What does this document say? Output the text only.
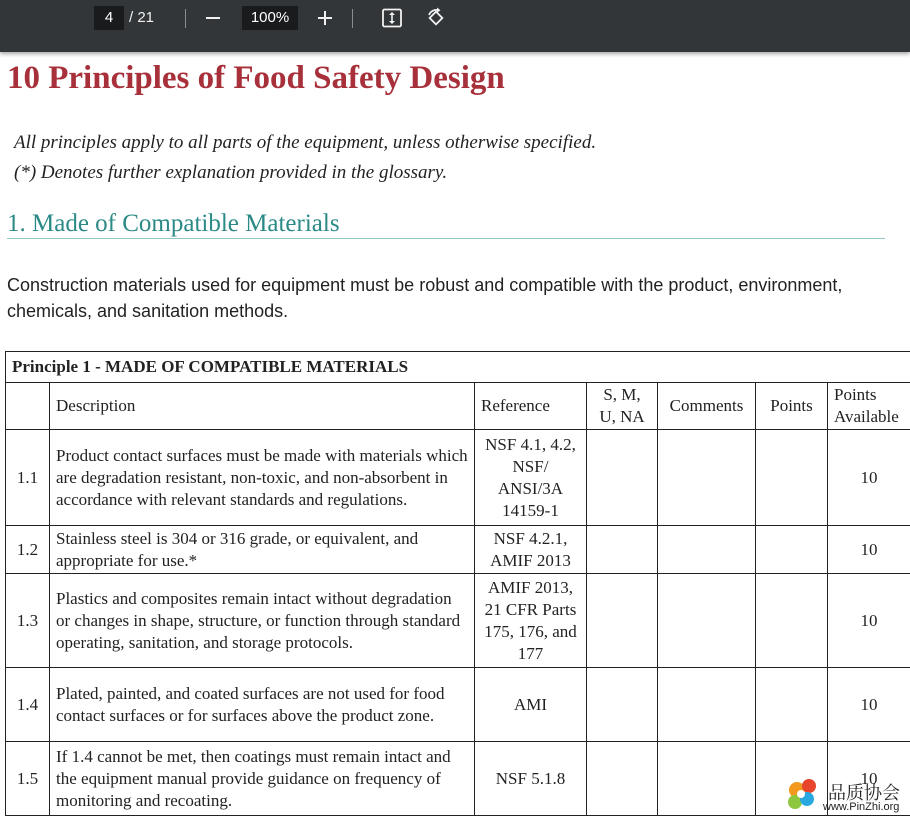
4	/ 21	100%
10 Principles of Food Safety Design
All principles apply to all parts of the equipment, unless otherwise specified.
(*) Denotes further explanation provided in the glossary.
1. Made of Compatible Materials
Construction materials used for equipment must be robust and compatible with the product, environment, chemicals, and sanitation methods.
Principle 1 - MADE OF COMPATIBLE MATERIALS						
	Description	Reference	S, M, U, NA	Comments	Points	Points Available
1.1	Product contact surfaces must be made with materials which are degradation resistant, non-toxic, and non-absorbent in accordance with relevant standards and regulations.	NSF 4.1, 4.2, NSF/ ANSI/3A 14159-1				10
1.2	Stainless steel is 304 or 316 grade, or equivalent, and appropriate for use.*	NSF 4.2.1, AMIF 2013				10
1.3	Plastics and composites remain intact without degradation or changes in shape, structure, or function through standard operating, sanitation, and storage protocols.	AMIF 2013, 21 CFR Parts 175, 176, and 177				10
1.4	Plated, painted, and coated surfaces are not used for food contact surfaces or for surfaces above the product zone.	AMI				10
1.5	If 1.4 cannot be met, then coatings must remain intact and the equipment manual provide guidance on frequency of monitoring and recoating.	NSF 5.1.8				10
品质协会
www.PinZhi.org
